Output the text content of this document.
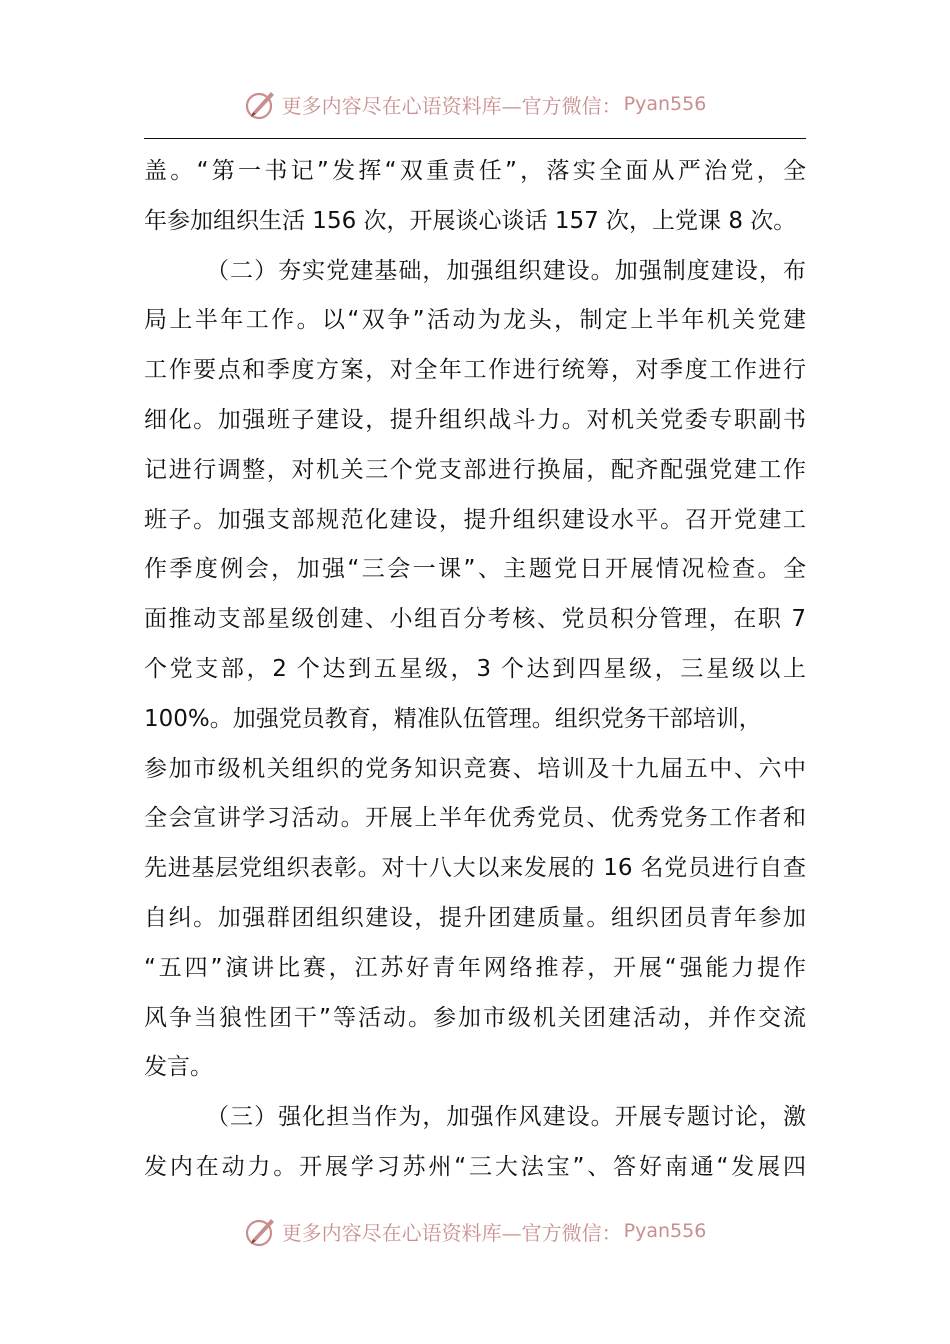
更多内容尽在心语资料库—官方微信： Pyan556
盖。“第一书记”发挥“双重责任”，落实全面从严治党，全
年参加组织生活 156 次，开展谈心谈话 157 次，上党课 8 次。
（二）夯实党建基础，加强组织建设。加强制度建设，布
局上半年工作。以“双争”活动为龙头，制定上半年机关党建
工作要点和季度方案，对全年工作进行统筹，对季度工作进行
细化。加强班子建设，提升组织战斗力。对机关党委专职副书
记进行调整，对机关三个党支部进行换届，配齐配强党建工作
班子。加强支部规范化建设，提升组织建设水平。召开党建工
作季度例会，加强“三会一课”、主题党日开展情况检查。全
面推动支部星级创建、小组百分考核、党员积分管理，在职 7
个党支部，2 个达到五星级，3 个达到四星级，三星级以上
100%。加强党员教育，精准队伍管理。组织党务干部培训，
参加市级机关组织的党务知识竞赛、培训及十九届五中、六中
全会宣讲学习活动。开展上半年优秀党员、优秀党务工作者和
先进基层党组织表彰。对十八大以来发展的 16 名党员进行自查
自纠。加强群团组织建设，提升团建质量。组织团员青年参加
“五四”演讲比赛，江苏好青年网络推荐，开展“强能力提作
风争当狼性团干”等活动。参加市级机关团建活动，并作交流
发言。
（三）强化担当作为，加强作风建设。开展专题讨论，激
发内在动力。开展学习苏州“三大法宝”、答好南通“发展四
更多内容尽在心语资料库—官方微信： Pyan556
